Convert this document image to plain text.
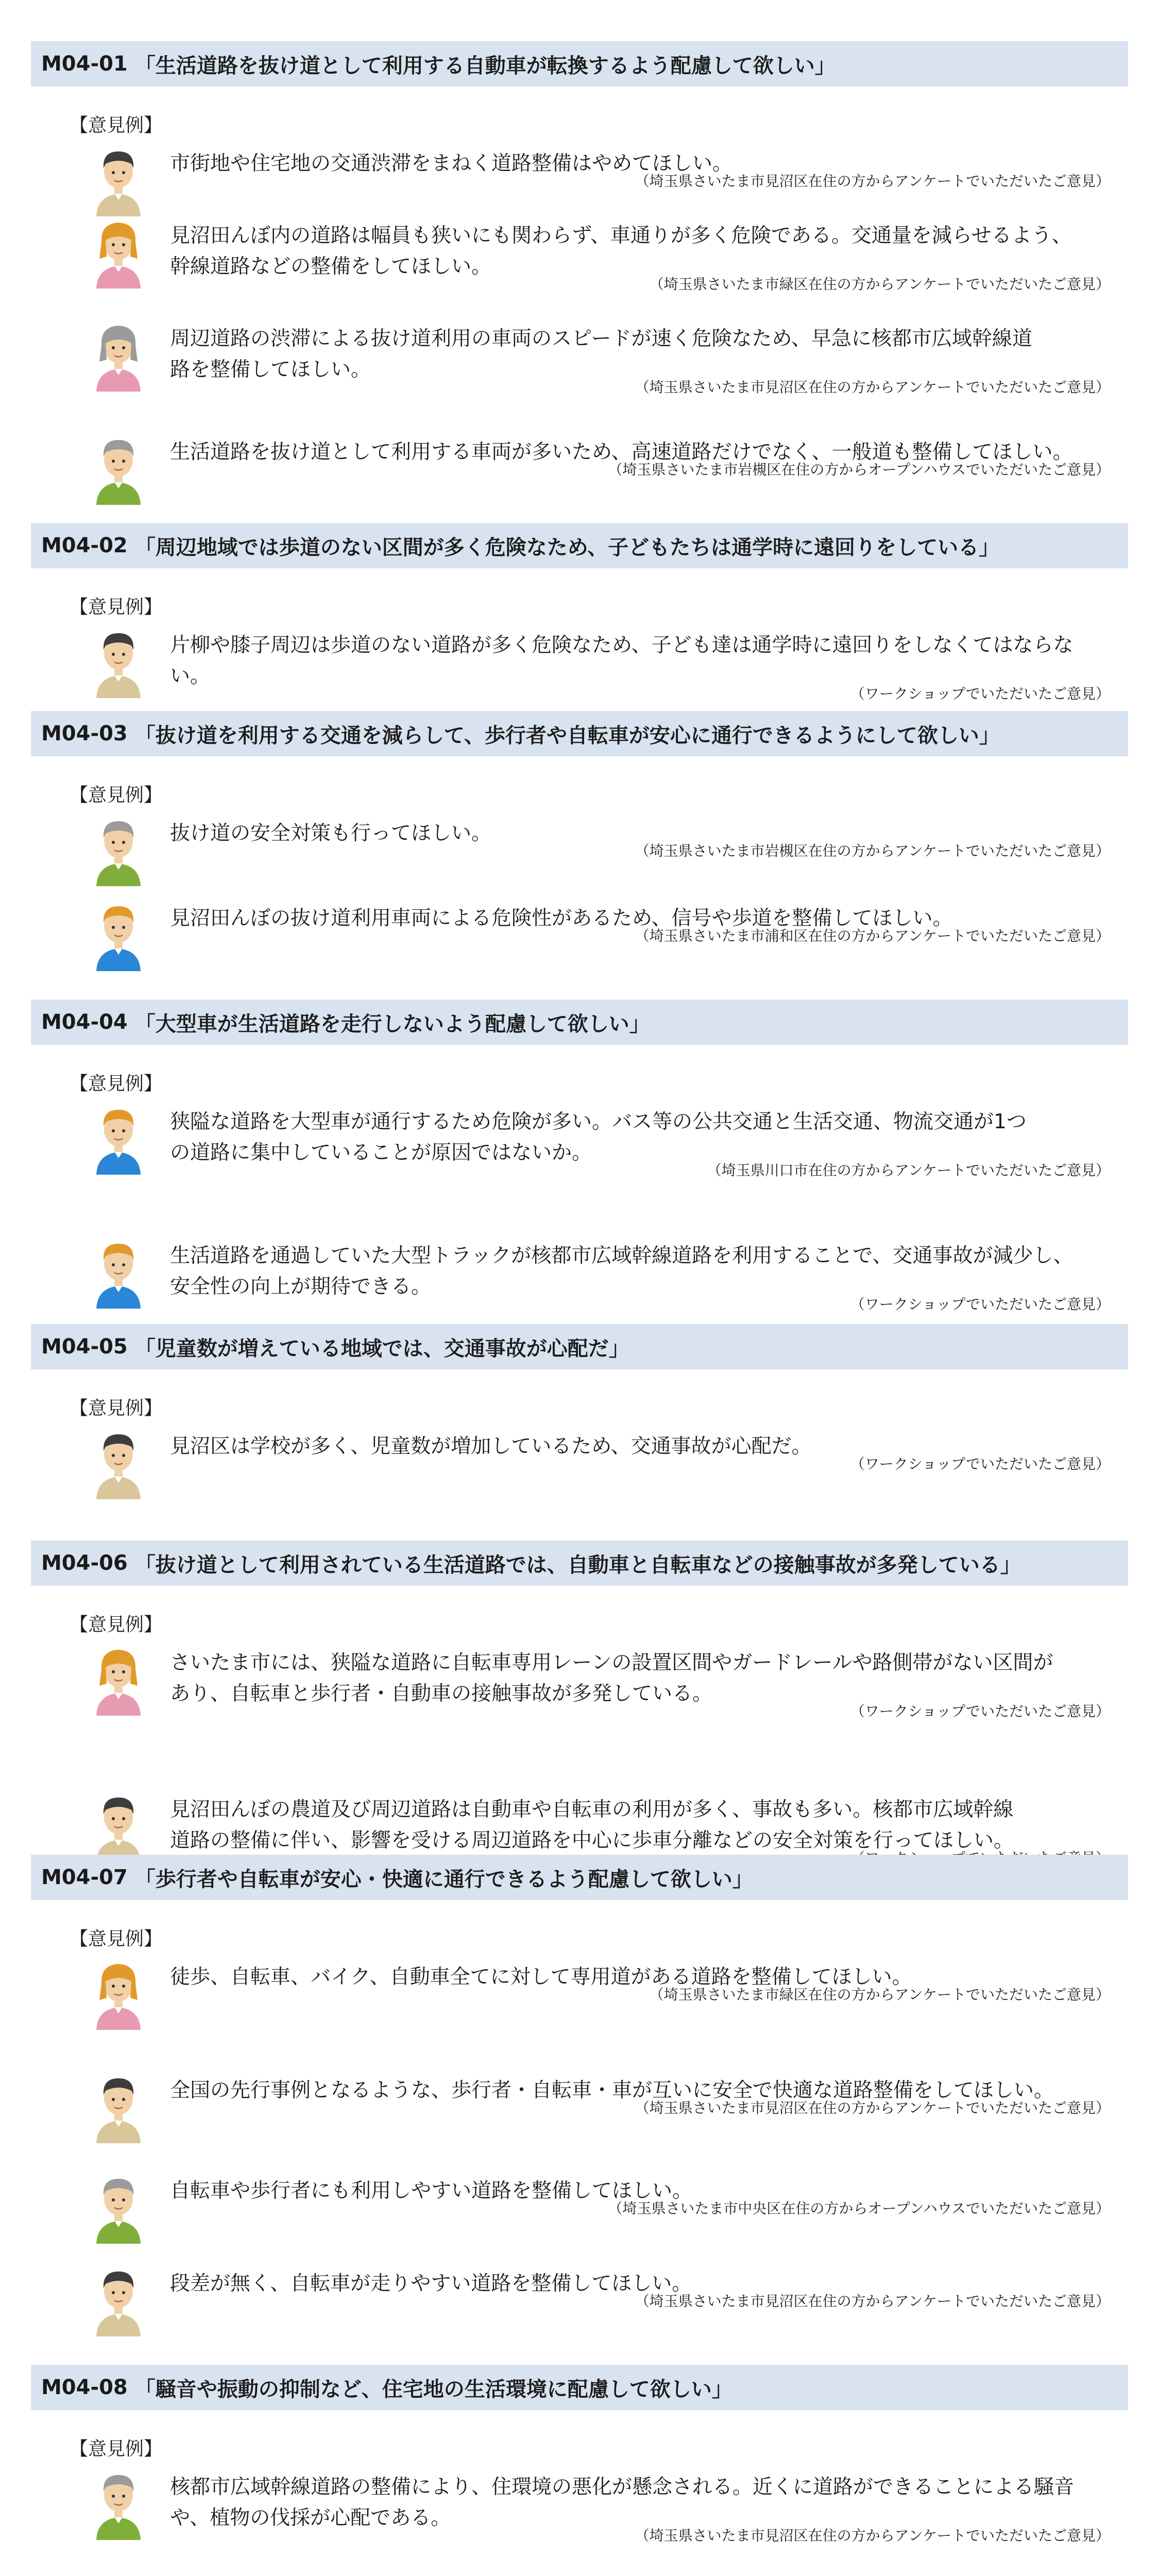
M04-01 「生活道路を抜け道として利用する自動車が転換するよう配慮して欲しい」
【意見例】
市街地や住宅地の交通渋滞をまねく道路整備はやめてほしい。
（埼玉県さいたま市見沼区在住の方からアンケートでいただいたご意見）
見沼田んぼ内の道路は幅員も狭いにも関わらず、車通りが多く危険である。交通量を減らせるよう、
幹線道路などの整備をしてほしい。
（埼玉県さいたま市緑区在住の方からアンケートでいただいたご意見）
周辺道路の渋滞による抜け道利用の車両のスピードが速く危険なため、早急に核都市広域幹線道
路を整備してほしい。
（埼玉県さいたま市見沼区在住の方からアンケートでいただいたご意見）
生活道路を抜け道として利用する車両が多いため、高速道路だけでなく、一般道も整備してほしい。
（埼玉県さいたま市岩槻区在住の方からオープンハウスでいただいたご意見）
M04-02 「周辺地域では歩道のない区間が多く危険なため、子どもたちは通学時に遠回りをしている」
【意見例】
片柳や膝子周辺は歩道のない道路が多く危険なため、子ども達は通学時に遠回りをしなくてはならな
い。
（ワークショップでいただいたご意見）
M04-03 「抜け道を利用する交通を減らして、歩行者や自転車が安心に通行できるようにして欲しい」
【意見例】
抜け道の安全対策も行ってほしい。
（埼玉県さいたま市岩槻区在住の方からアンケートでいただいたご意見）
見沼田んぼの抜け道利用車両による危険性があるため、信号や歩道を整備してほしい。
（埼玉県さいたま市浦和区在住の方からアンケートでいただいたご意見）
M04-04 「大型車が生活道路を走行しないよう配慮して欲しい」
【意見例】
狭隘な道路を大型車が通行するため危険が多い。バス等の公共交通と生活交通、物流交通が1つ
の道路に集中していることが原因ではないか。
（埼玉県川口市在住の方からアンケートでいただいたご意見）
生活道路を通過していた大型トラックが核都市広域幹線道路を利用することで、交通事故が減少し、
安全性の向上が期待できる。
（ワークショップでいただいたご意見）
M04-05 「児童数が増えている地域では、交通事故が心配だ」
【意見例】
見沼区は学校が多く、児童数が増加しているため、交通事故が心配だ。
（ワークショップでいただいたご意見）
M04-06 「抜け道として利用されている生活道路では、自動車と自転車などの接触事故が多発している」
【意見例】
さいたま市には、狭隘な道路に自転車専用レーンの設置区間やガードレールや路側帯がない区間が
あり、自転車と歩行者・自動車の接触事故が多発している。
（ワークショップでいただいたご意見）
見沼田んぼの農道及び周辺道路は自動車や自転車の利用が多く、事故も多い。核都市広域幹線
道路の整備に伴い、影響を受ける周辺道路を中心に歩車分離などの安全対策を行ってほしい。
M04-07 「歩行者や自転車が安心・快適に通行できるよう配慮して欲しい」
【意見例】
徒歩、自転車、バイク、自動車全てに対して専用道がある道路を整備してほしい。
（埼玉県さいたま市緑区在住の方からアンケートでいただいたご意見）
全国の先行事例となるような、歩行者・自転車・車が互いに安全で快適な道路整備をしてほしい。
（埼玉県さいたま市見沼区在住の方からアンケートでいただいたご意見）
自転車や歩行者にも利用しやすい道路を整備してほしい。
（埼玉県さいたま市中央区在住の方からオープンハウスでいただいたご意見）
段差が無く、自転車が走りやすい道路を整備してほしい。
（埼玉県さいたま市見沼区在住の方からアンケートでいただいたご意見）
M04-08 「騒音や振動の抑制など、住宅地の生活環境に配慮して欲しい」
【意見例】
核都市広域幹線道路の整備により、住環境の悪化が懸念される。近くに道路ができることによる騒音
や、植物の伐採が心配である。
（埼玉県さいたま市見沼区在住の方からアンケートでいただいたご意見）
